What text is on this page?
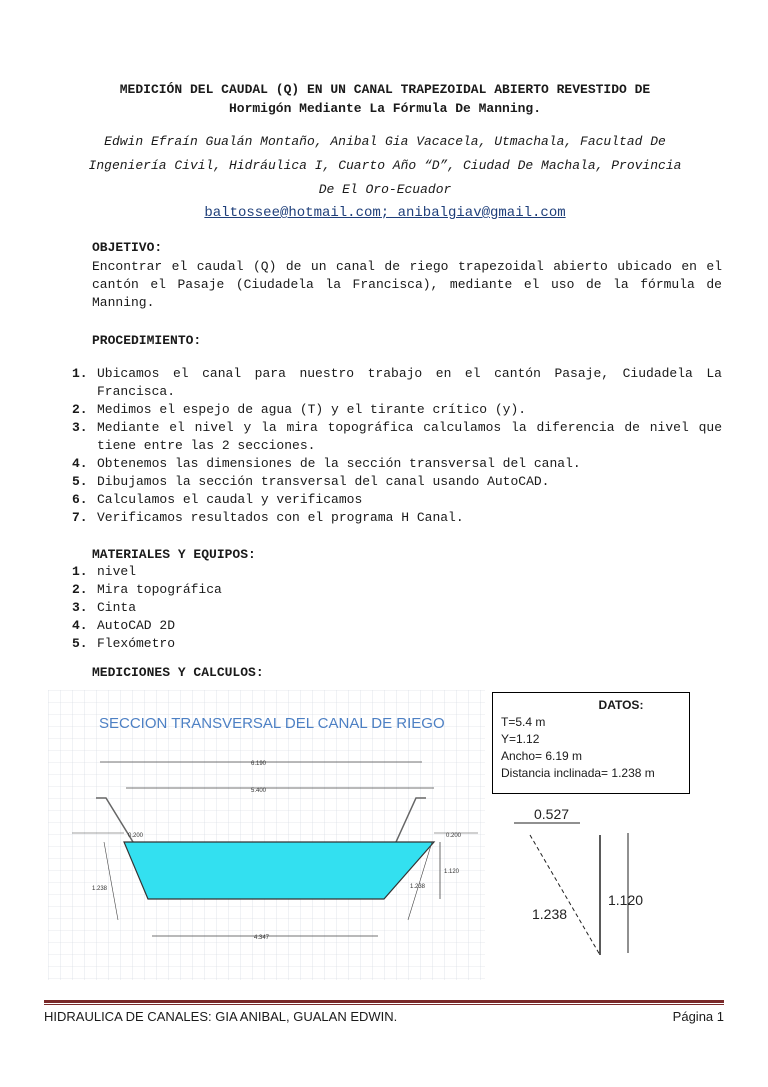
MEDICIÓN DEL CAUDAL (Q) EN UN CANAL TRAPEZOIDAL ABIERTO REVESTIDO DE
Hormigón Mediante La Fórmula De Manning.
Edwin Efraín Gualán Montaño, Anibal Gia Vacacela, Utmachala, Facultad De
Ingeniería Civil, Hidráulica I, Cuarto Año “D”, Ciudad De Machala, Provincia
De El Oro-Ecuador
baltossee@hotmail.com; anibalgiav@gmail.com
OBJETIVO:
Encontrar el caudal (Q) de un canal de riego trapezoidal abierto ubicado en el cantón el Pasaje (Ciudadela la Francisca), mediante el uso de la fórmula de Manning.
PROCEDIMIENTO:
1. Ubicamos el canal para nuestro trabajo en el cantón Pasaje, Ciudadela La Francisca.
2. Medimos el espejo de agua (T) y el tirante crítico (y).
3. Mediante el nivel y la mira topográfica calculamos la diferencia de nivel que tiene entre las 2 secciones.
4. Obtenemos las dimensiones de la sección transversal del canal.
5. Dibujamos la sección transversal del canal usando AutoCAD.
6. Calculamos el caudal y verificamos
7. Verificamos resultados con el programa H Canal.
MATERIALES Y EQUIPOS:
1. nivel
2. Mira topográfica
3. Cinta
4. AutoCAD 2D
5. Flexómetro
MEDICIONES Y CALCULOS:
SECCION TRANSVERSAL DEL CANAL DE RIEGO
6.190
5.400
0.200	0.200
1.120
1.238	1.238
4.347
DATOS:
T=5.4 m
Y=1.12
Ancho= 6.19 m
Distancia inclinada= 1.238 m
0.527
1.120
1.238
HIDRAULICA DE CANALES: GIA ANIBAL, GUALAN EDWIN.	Página 1
